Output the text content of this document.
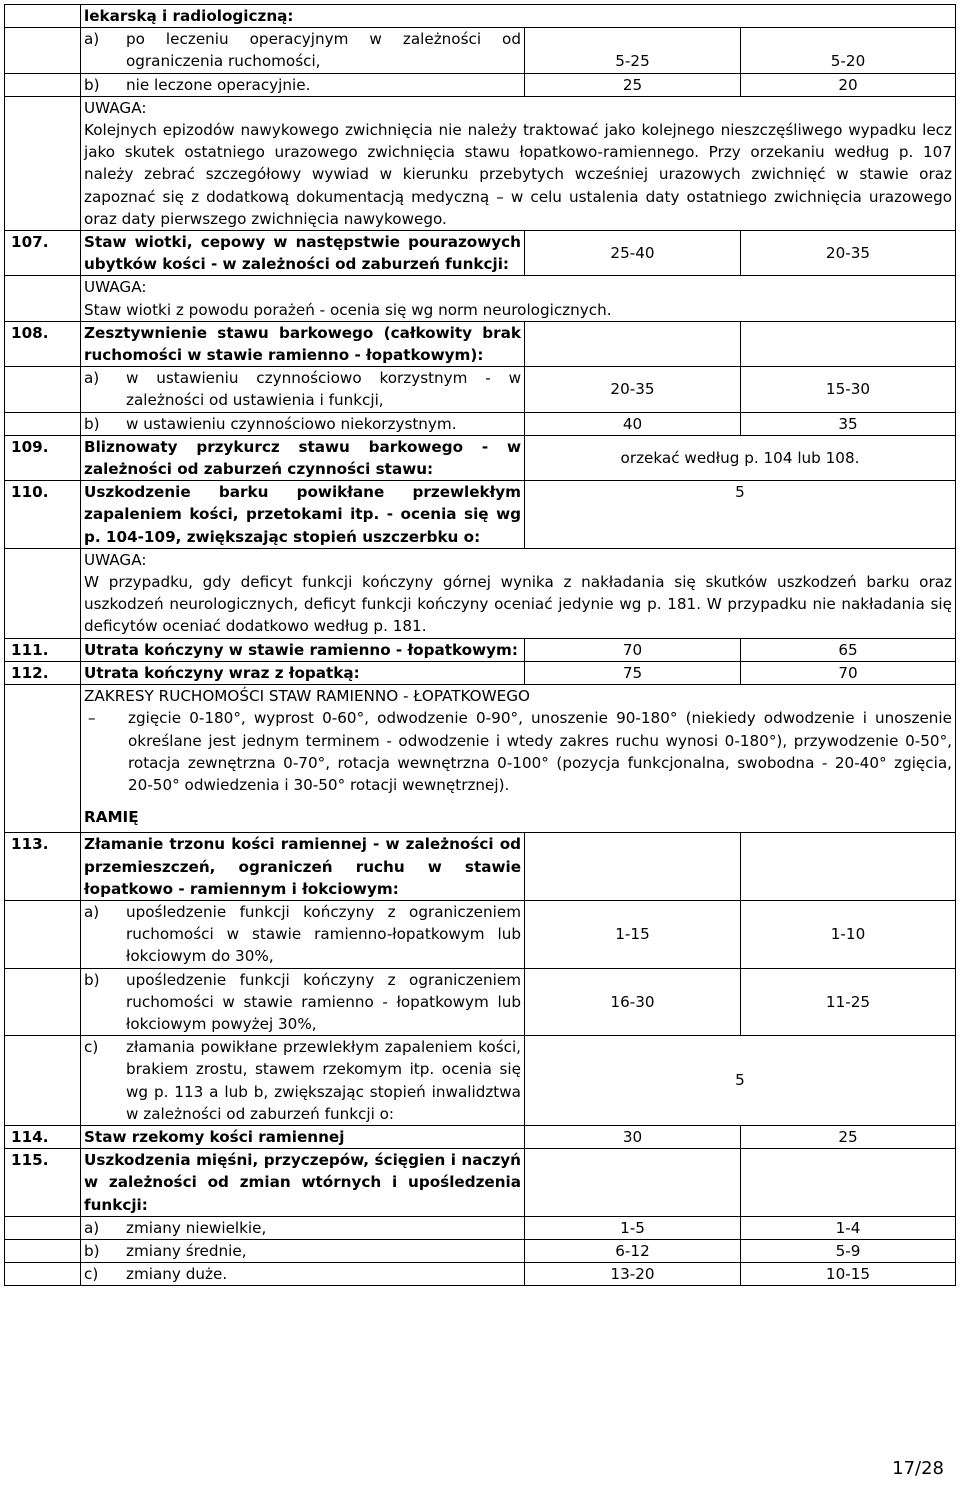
	lekarską i radiologiczną:		

	a) po leczeniu operacyjnym w zależności od ograniczenia ruchomości,	5-25	5-20

	b) nie leczone operacyjnie.	25	20

	UWAGA:
Kolejnych epizodów nawykowego zwichnięcia nie należy traktować jako kolejnego nieszczęśliwego wypadku lecz jako skutek ostatniego urazowego zwichnięcia stawu łopatkowo-ramiennego. Przy orzekaniu według p. 107 należy zebrać szczegółowy wywiad w kierunku przebytych wcześniej urazowych zwichnięć w stawie oraz zapoznać się z dodatkową dokumentacją medyczną – w celu ustalenia daty ostatniego zwichnięcia urazowego oraz daty pierwszego zwichnięcia nawykowego.		

107.	Staw wiotki, cepowy w następstwie pourazowych ubytków kości - w zależności od zaburzeń funkcji:	25-40	20-35

	UWAGA:
Staw wiotki z powodu porażeń - ocenia się wg norm neurologicznych.		

108.	Zesztywnienie stawu barkowego (całkowity brak ruchomości w stawie ramienno - łopatkowym):		

	a) w ustawieniu czynnościowo korzystnym - w zależności od ustawienia i funkcji,	20-35	15-30

	b) w ustawieniu czynnościowo niekorzystnym.	40	35
109.	Bliznowaty przykurcz stawu barkowego - w zależności od zaburzeń czynności stawu:	orzekać według p. 104 lub 108.	
110.	Uszkodzenie barku powikłane przewlekłym zapaleniem kości, przetokami itp. - ocenia się wg p. 104-109, zwiększając stopień uszczerbku o:	5	

	UWAGA:
W przypadku, gdy deficyt funkcji kończyny górnej wynika z nakładania się skutków uszkodzeń barku oraz uszkodzeń neurologicznych, deficyt funkcji kończyny oceniać jedynie wg p. 181. W przypadku nie nakładania się deficytów oceniać dodatkowo według p. 181.		

111.	Utrata kończyny w stawie ramienno - łopatkowym:	70	65
112.	Utrata kończyny wraz z łopatką:	75	70

	ZAKRESY RUCHOMOŚCI STAW RAMIENNO - ŁOPATKOWEGO
– zgięcie 0-180°, wyprost 0-60°, odwodzenie 0-90°, unoszenie 90-180° (niekiedy odwodzenie i unoszenie określane jest jednym terminem - odwodzenie i wtedy zakres ruchu wynosi 0-180°), przywodzenie 0-50°, rotacja zewnętrzna 0-70°, rotacja wewnętrzna 0-100° (pozycja funkcjonalna, swobodna - 20-40° zgięcia, 20-50° odwiedzenia i 30-50° rotacji wewnętrznej).
RAMIĘ		

113.	Złamanie trzonu kości ramiennej - w zależności od przemieszczeń, ograniczeń ruchu w stawie łopatkowo - ramiennym i łokciowym:		

	a) upośledzenie funkcji kończyny z ograniczeniem ruchomości w stawie ramienno-łopatkowym lub łokciowym do 30%,	1-15	1-10

	b) upośledzenie funkcji kończyny z ograniczeniem ruchomości w stawie ramienno - łopatkowym lub łokciowym powyżej 30%,	16-30	11-25

	c) złamania powikłane przewlekłym zapaleniem kości, brakiem zrostu, stawem rzekomym itp. ocenia się wg p. 113 a lub b, zwiększając stopień inwalidztwa w zależności od zaburzeń funkcji o:	5	
114.	Staw rzekomy kości ramiennej	30	25
115.	Uszkodzenia mięśni, przyczepów, ścięgien i naczyń w zależności od zmian wtórnych i upośledzenia funkcji:		

	a) zmiany niewielkie,	1-5	1-4

	b) zmiany średnie,	6-12	5-9

	c) zmiany duże.	13-20	10-15
17/28
